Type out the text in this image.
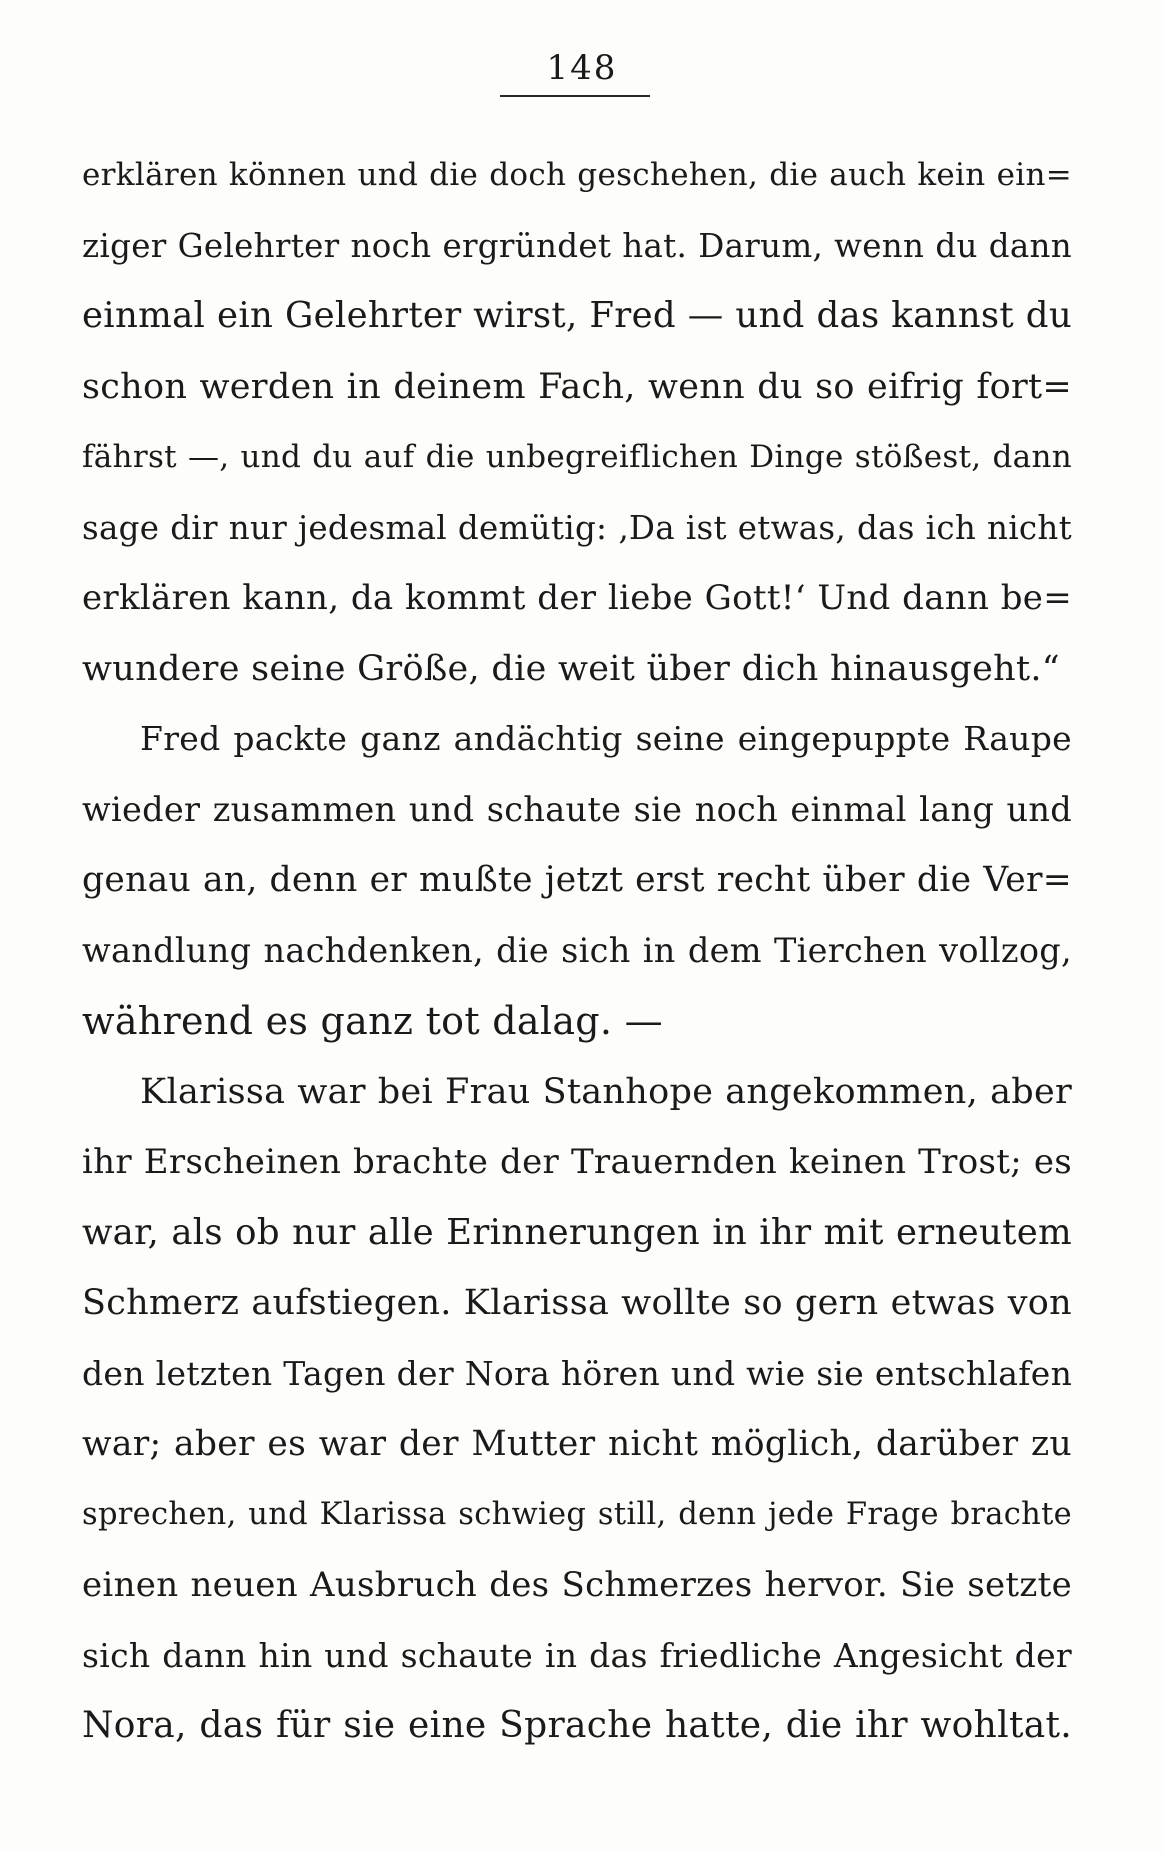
148
erklären können und die doch geschehen, die auch kein ein=
ziger Gelehrter noch ergründet hat. Darum, wenn du dann
einmal ein Gelehrter wirst, Fred — und das kannst du
schon werden in deinem Fach, wenn du so eifrig fort=
fährst —, und du auf die unbegreiflichen Dinge stößest, dann
sage dir nur jedesmal demütig: ‚Da ist etwas, das ich nicht
erklären kann, da kommt der liebe Gott!‘ Und dann be=
wundere seine Größe, die weit über dich hinausgeht.“
Fred packte ganz andächtig seine eingepuppte Raupe
wieder zusammen und schaute sie noch einmal lang und
genau an, denn er mußte jetzt erst recht über die Ver=
wandlung nachdenken, die sich in dem Tierchen vollzog,
während es ganz tot dalag. —
Klarissa war bei Frau Stanhope angekommen, aber
ihr Erscheinen brachte der Trauernden keinen Trost; es
war, als ob nur alle Erinnerungen in ihr mit erneutem
Schmerz aufstiegen. Klarissa wollte so gern etwas von
den letzten Tagen der Nora hören und wie sie entschlafen
war; aber es war der Mutter nicht möglich, darüber zu
sprechen, und Klarissa schwieg still, denn jede Frage brachte
einen neuen Ausbruch des Schmerzes hervor. Sie setzte
sich dann hin und schaute in das friedliche Angesicht der
Nora, das für sie eine Sprache hatte, die ihr wohltat.
